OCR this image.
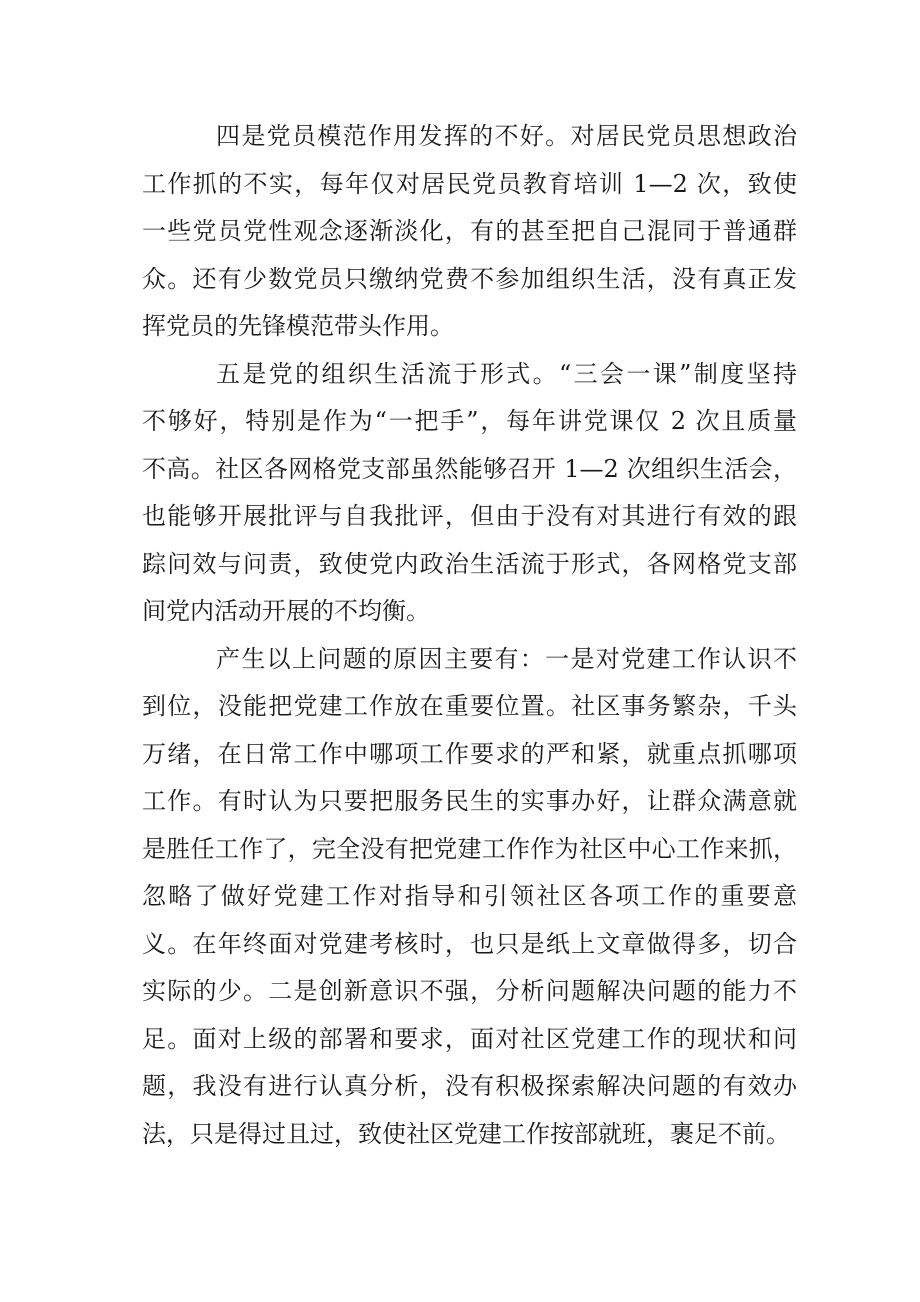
四是党员模范作用发挥的不好。对居民党员思想政治
工作抓的不实，每年仅对居民党员教育培训 1—2 次，致使
一些党员党性观念逐渐淡化，有的甚至把自己混同于普通群
众。还有少数党员只缴纳党费不参加组织生活，没有真正发
挥党员的先锋模范带头作用。
五是党的组织生活流于形式。“三会一课”制度坚持
不够好，特别是作为“一把手”，每年讲党课仅 2 次且质量
不高。社区各网格党支部虽然能够召开 1—2 次组织生活会，
也能够开展批评与自我批评，但由于没有对其进行有效的跟
踪问效与问责，致使党内政治生活流于形式，各网格党支部
间党内活动开展的不均衡。
产生以上问题的原因主要有：一是对党建工作认识不
到位，没能把党建工作放在重要位置。社区事务繁杂，千头
万绪，在日常工作中哪项工作要求的严和紧，就重点抓哪项
工作。有时认为只要把服务民生的实事办好，让群众满意就
是胜任工作了，完全没有把党建工作作为社区中心工作来抓，
忽略了做好党建工作对指导和引领社区各项工作的重要意
义。在年终面对党建考核时，也只是纸上文章做得多，切合
实际的少。二是创新意识不强，分析问题解决问题的能力不
足。面对上级的部署和要求，面对社区党建工作的现状和问
题，我没有进行认真分析，没有积极探索解决问题的有效办
法，只是得过且过，致使社区党建工作按部就班，裹足不前。
